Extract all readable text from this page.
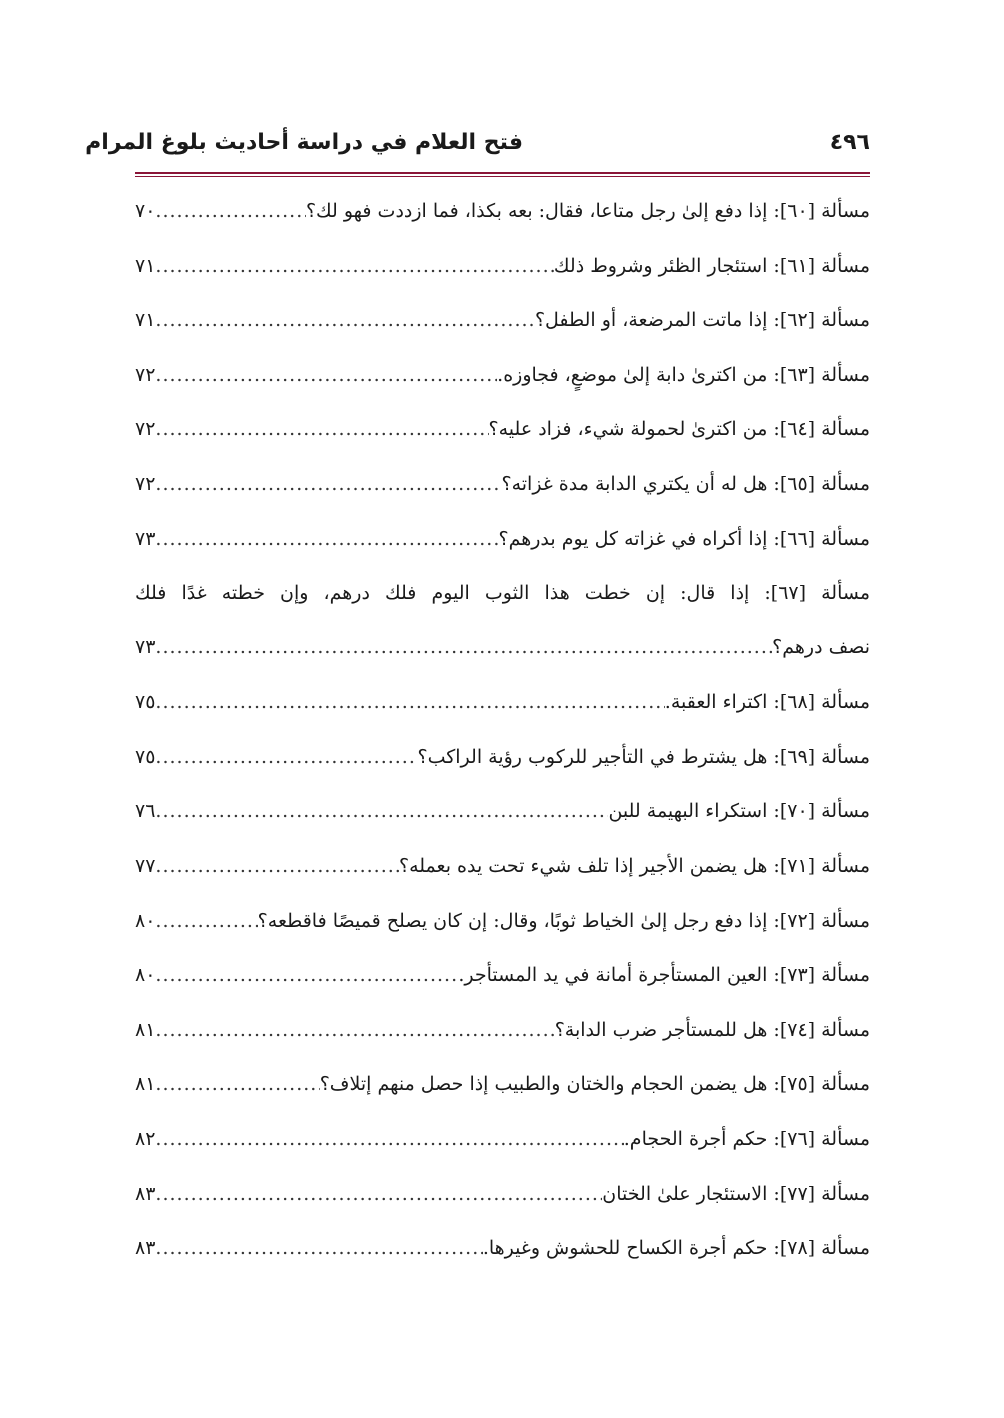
٤٩٦
فتح العلام في دراسة أحاديث بلوغ المرام
مسألة [٦٠]: إذا دفع إلىٰ رجل متاعا، فقال: بعه بكذا، فما ازددت فهو لك؟
.....
٧٠
مسألة [٦١]: استئجار الظئر وشروط ذلك
.....
٧١
مسألة [٦٢]: إذا ماتت المرضعة، أو الطفل؟
.....
٧١
مسألة [٦٣]: من اكترىٰ دابة إلىٰ موضعٍ، فجاوزه.
.....
٧٢
مسألة [٦٤]: من اكترىٰ لحمولة شيء، فزاد عليه؟
.....
٧٢
مسألة [٦٥]: هل له أن يكتري الدابة مدة غزاته؟
.....
٧٢
مسألة [٦٦]: إذا أكراه في غزاته كل يوم بدرهم؟
.....
٧٣
مسألة [٦٧]: إذا قال: إن خطت هذا الثوب اليوم فلك درهم، وإن خطته غدًا فلك
نصف درهم؟
.....
٧٣
مسألة [٦٨]: اكتراء العقبة.
.....
٧٥
مسألة [٦٩]: هل يشترط في التأجير للركوب رؤية الراكب؟
.....
٧٥
مسألة [٧٠]: استكراء البهيمة للبن
.....
٧٦
مسألة [٧١]: هل يضمن الأجير إذا تلف شيء تحت يده بعمله؟
.....
٧٧
مسألة [٧٢]: إذا دفع رجل إلىٰ الخياط ثوبًا، وقال: إن كان يصلح قميصًا فاقطعه؟
.....
٨٠
مسألة [٧٣]: العين المستأجرة أمانة في يد المستأجر.
.....
٨٠
مسألة [٧٤]: هل للمستأجر ضرب الدابة؟
.....
٨١
مسألة [٧٥]: هل يضمن الحجام والختان والطبيب إذا حصل منهم إتلاف؟
.....
٨١
مسألة [٧٦]: حكم أجرة الحجام.
.....
٨٢
مسألة [٧٧]: الاستئجار علىٰ الختان
.....
٨٣
مسألة [٧٨]: حكم أجرة الكساح للحشوش وغيرها.
.....
٨٣
